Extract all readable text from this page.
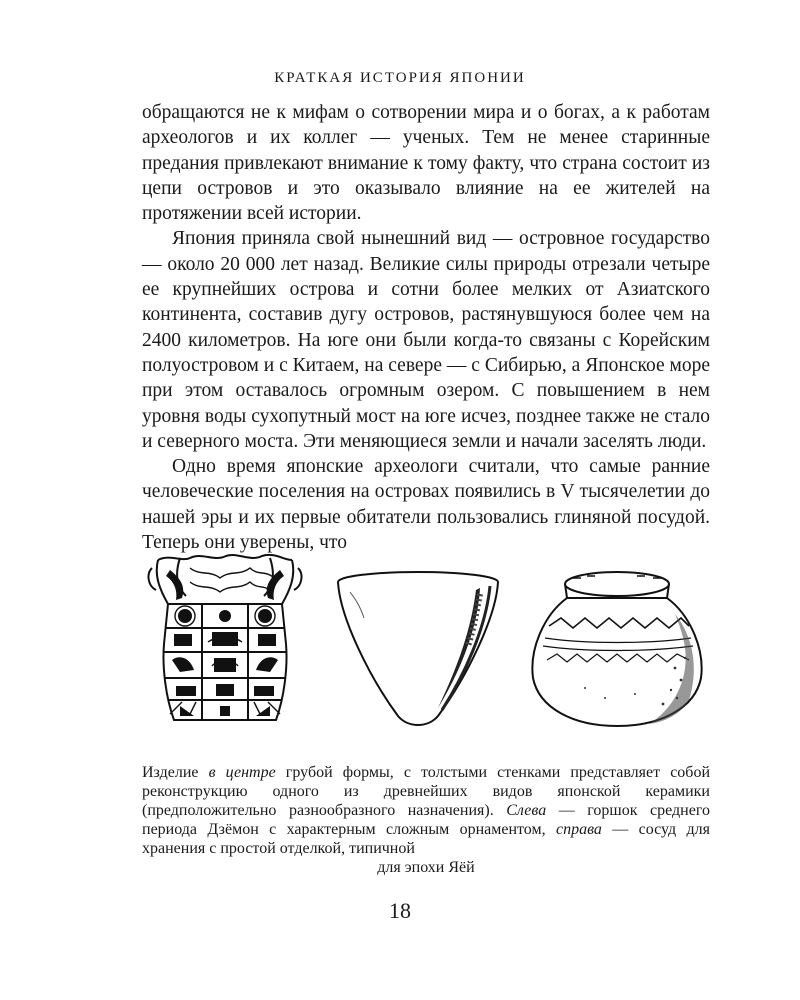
КРАТКАЯ ИСТОРИЯ ЯПОНИИ

обращаются не к мифам о сотворении мира и о богах, а к работам археологов и их коллег — ученых. Тем не менее старинные предания привлекают внимание к тому факту, что страна состоит из цепи островов и это оказывало влияние на ее жителей на протяжении всей истории.

Япония приняла свой нынешний вид — островное государство — около 20 000 лет назад. Великие силы природы отрезали четыре ее крупнейших острова и сотни более мелких от Азиатского континента, составив дугу островов, растянувшуюся более чем на 2400 километров. На юге они были когда-то связаны с Корейским полуостровом и с Китаем, на севере — с Сибирью, а Японское море при этом оставалось огромным озером. С повышением в нем уровня воды сухопутный мост на юге исчез, позднее также не стало и северного моста. Эти меняющиеся земли и начали заселять люди.

Одно время японские археологи считали, что самые ранние человеческие поселения на островах появились в V тысячелетии до нашей эры и их первые обитатели пользовались глиняной посудой. Теперь они уверены, что

Изделие в центре грубой формы, с толстыми стенками представляет собой реконструкцию одного из древнейших видов японской керамики (предположительно разнообразного назначения). Слева — горшок среднего периода Дзёмон с характерным сложным орнаментом, справа — сосуд для хранения с простой отделкой, типичной
для эпохи Яёй
18
